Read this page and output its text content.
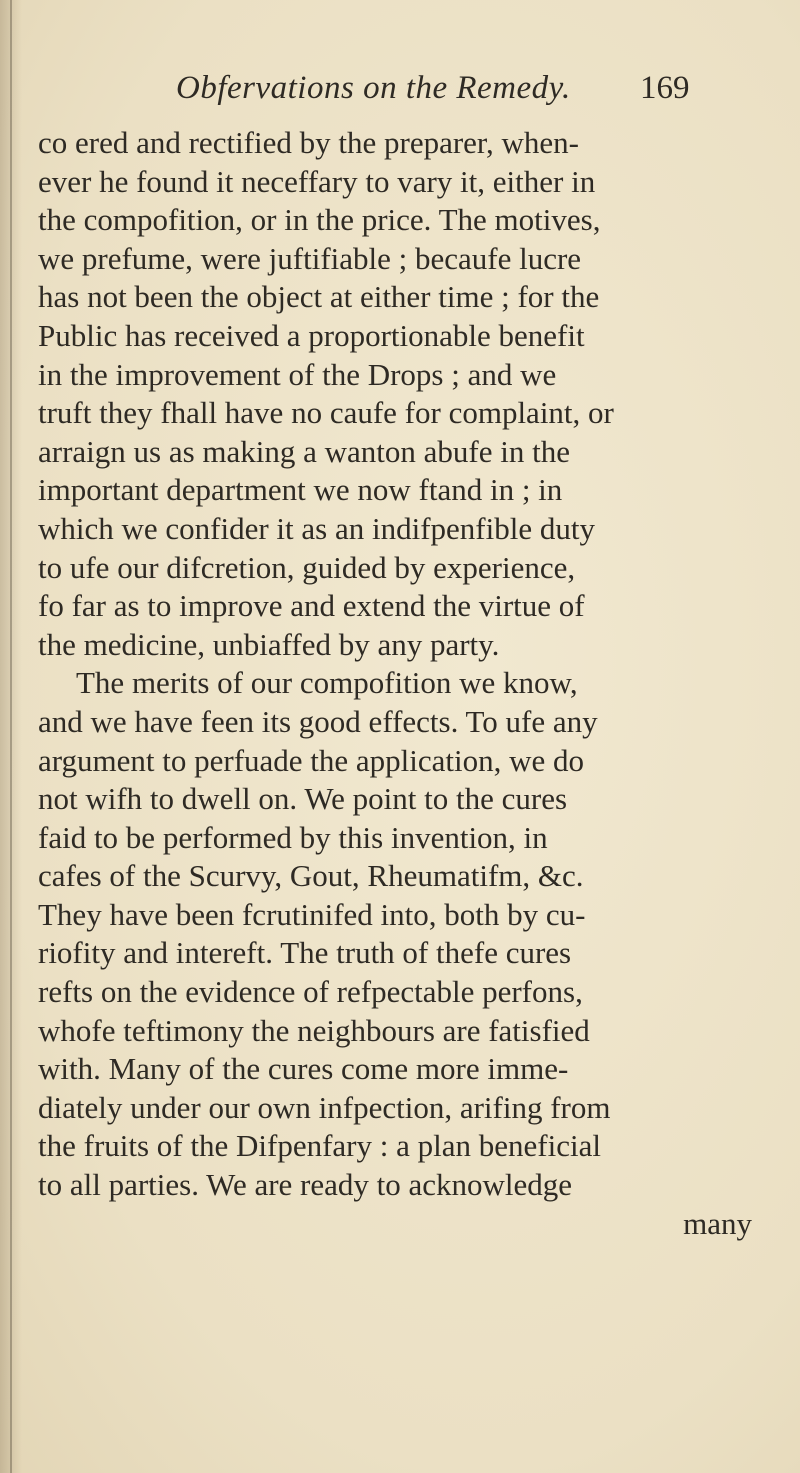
Obfervations on the Remedy. 169
co ered and rectified by the preparer, when-
ever he found it neceffary to vary it, either in
the compofition, or in the price. The motives,
we prefume, were juftifiable ; becaufe lucre
has not been the object at either time ; for the
Public has received a proportionable benefit
in the improvement of the Drops ; and we
truft they fhall have no caufe for complaint, or
arraign us as making a wanton abufe in the
important department we now ftand in ; in
which we confider it as an indifpenfible duty
to ufe our difcretion, guided by experience,
fo far as to improve and extend the virtue of
the medicine, unbiaffed by any party.
The merits of our compofition we know,
and we have feen its good effects. To ufe any
argument to perfuade the application, we do
not wifh to dwell on. We point to the cures
faid to be performed by this invention, in
cafes of the Scurvy, Gout, Rheumatifm, &c.
They have been fcrutinifed into, both by cu-
riofity and intereft. The truth of thefe cures
refts on the evidence of refpectable perfons,
whofe teftimony the neighbours are fatisfied
with. Many of the cures come more imme-
diately under our own infpection, arifing from
the fruits of the Difpenfary : a plan beneficial
to all parties. We are ready to acknowledge
many
